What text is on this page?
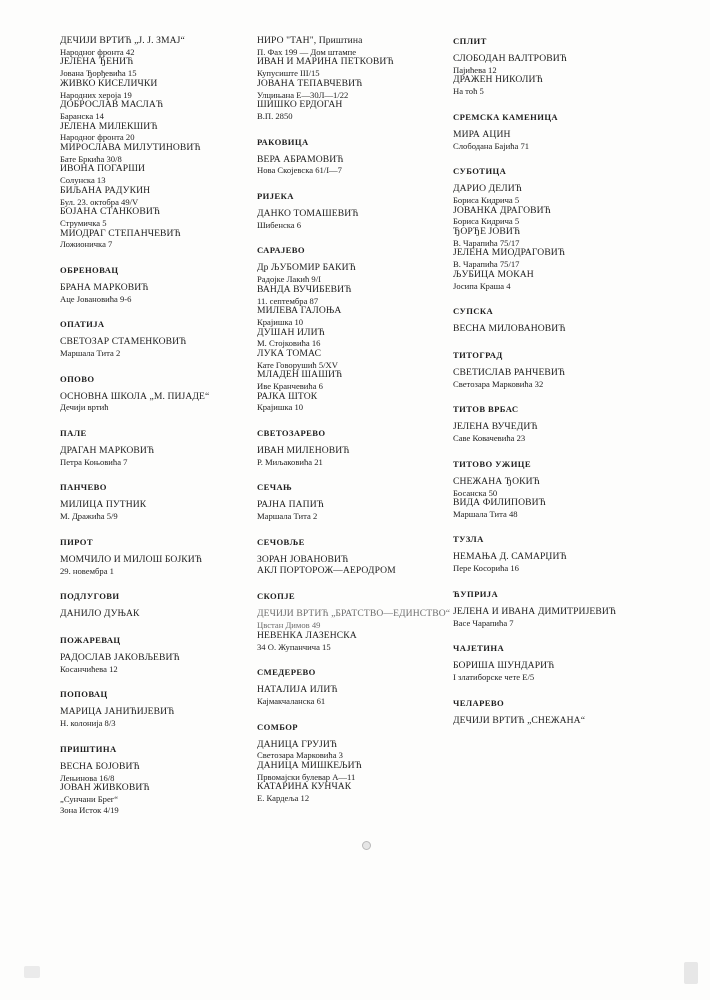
ДЕЧИЈИ ВРТИЋ „Ј. Ј. ЗМАЈ“
Народног фронта 42
ЈЕЛЕНА ЂЕНИЋ
Јована Ђорђевића 15
ЖИВКО КИСЕЛИЧКИ
Народних хероја 19
ДОБРОСЛАВ МАСЛАЋ
Баранска 14
ЈЕЛЕНА МИЛЕКШИЋ
Народног фронта 20
МИРОСЛАВА МИЛУТИНОВИЋ
Бате Бркића 30/8
ИВОНА ПОГАРШИ
Солунска 13
БИЉАНА РАДУКИН
Бул. 23. октобра 49/V
БОЈАНА СТАНКОВИЋ
Струмичка 5
МИОДРАГ СТЕПАНЧЕВИЋ
Ложионичка 7
ОБРЕНОВАЦ
БРАНА МАРКОВИЋ
Аце Јовановића 9-6
ОПАТИЈА
СВЕТОЗАР СТАМЕНКОВИЋ
Маршала Тита 2
ОПОВО
ОСНОВНА ШКОЛА „М. ПИЈАДЕ“
Дечији вртић
ПАЛЕ
ДРАГАН МАРКОВИЋ
Петра Коњовића 7
ПАНЧЕВО
МИЛИЦА ПУТНИК
М. Дражића 5/9
ПИРОТ
МОМЧИЛО И МИЛОШ БОЈКИЋ
29. новембра 1
ПОДЛУГОВИ
ДАНИЛО ДУЊАК
ПОЖАРЕВАЦ
РАДОСЛАВ ЈАКОВЉЕВИЋ
Косанчићева 12
ПОПОВАЦ
МАРИЦА ЈАНИЋИЈЕВИЋ
Н. колонија 8/3
ПРИШТИНА
ВЕСНА БОЈОВИЋ
Лењинова 16/8
ЈОВАН ЖИВКОВИЋ
„Сунчани Брег“
Зона Исток 4/19
НИРО "ТАН", Приштина
П. Фах 199 — Дом штампе
ИВАН И МАРИНА ПЕТКОВИЋ
Купусиште III/15
ЈОВАНА ТЕПАВЧЕВИЋ
Улцињана Е—30Л—1/22
ШИШКО ЕРДОГАН
В.П. 2850
РАКОВИЦА
ВЕРА АБРАМОВИЋ
Нова Скојевска 61/I—7
РИЈЕКА
ДАНКО ТОМАШЕВИЋ
Шибенска 6
САРАЈЕВО
Др ЉУБОМИР БАКИЋ
Радојке Лакић 9/I
ВАНДА ВУЧИБЕВИЋ
11. септембра 87
МИЛЕВА ГАЛОЊА
Крајишка 10
ДУШАН ИЛИЋ
М. Стојковића 16
ЛУКА ТОМАС
Кате Говорушић 5/XV
МЛАДЕН ШАШИЋ
Иве Кранчевића 6
РАЈКА ШТОК
Крајишка 10
СВЕТОЗАРЕВО
ИВАН МИЛЕНОВИЋ
Р. Миљаковића 21
СЕЧАЊ
РАЈНА ПАПИЋ
Маршала Тита 2
СЕЧОВЉЕ
ЗОРАН ЈОВАНОВИЋ
АКЛ ПОРТОРОЖ—АЕРОДРОМ
СКОПЈЕ
ДЕЧИЈИ ВРТИЋ „БРАТСТВО—ЕДИНСТВО“
Цвстан Димов 49
НЕВЕНКА ЛАЗЕНСКА
34 О. Жупанчича 15
СМЕДЕРЕВО
НАТАЛИЈА ИЛИЋ
Кајмакчаланска 61
СОМБОР
ДАНИЦА ГРУЈИЋ
Светозара Марковића 3
ДАНИЦА МИШКЕЉИЋ
Првомајски булевар А—11
КАТАРИНА КУНЧАК
Е. Кардеља 12
СПЛИТ
СЛОБОДАН ВАЛТРОВИЋ
Пајићева 12
ДРАЖЕН НИКОЛИЋ
На тоћ 5
СРЕМСКА КАМЕНИЦА
МИРА АЦИН
Слободана Бајића 71
СУБОТИЦА
ДАРИО ДЕЛИЋ
Бориса Кидрича 5
ЈОВАНКА ДРАГОВИЋ
Бориса Кидрича 5
ЂОРЂЕ ЈОВИЋ
В. Чарапића 75/17
ЈЕЛЕНА МИОДРАГОВИЋ
В. Чарапића 75/17
ЉУБИЦА МОКАН
Јосипа Краша 4
СУПСКА
ВЕСНА МИЛОВАНОВИЋ
ТИТОГРАД
СВЕТИСЛАВ РАНЧЕВИЋ
Светозара Марковића 32
ТИТОВ ВРБАС
ЈЕЛЕНА ВУЧЕДИЋ
Саве Ковачевића 23
ТИТОВО УЖИЦЕ
СНЕЖАНА ЂОКИЋ
Босанска 50
ВИДА ФИЛИПОВИЋ
Маршала Тита 48
ТУЗЛА
НЕМАЊА Д. САМАРЏИЋ
Пере Косорића 16
ЋУПРИЈА
ЈЕЛЕНА И ИВАНА ДИМИТРИЈЕВИЋ
Васе Чарапића 7
ЧАЈЕТИНА
БОРИША ШУНДАРИЋ
I златиборске чете Е/5
ЧЕЛАРЕВО
ДЕЧИЈИ ВРТИЋ „СНЕЖАНА“
